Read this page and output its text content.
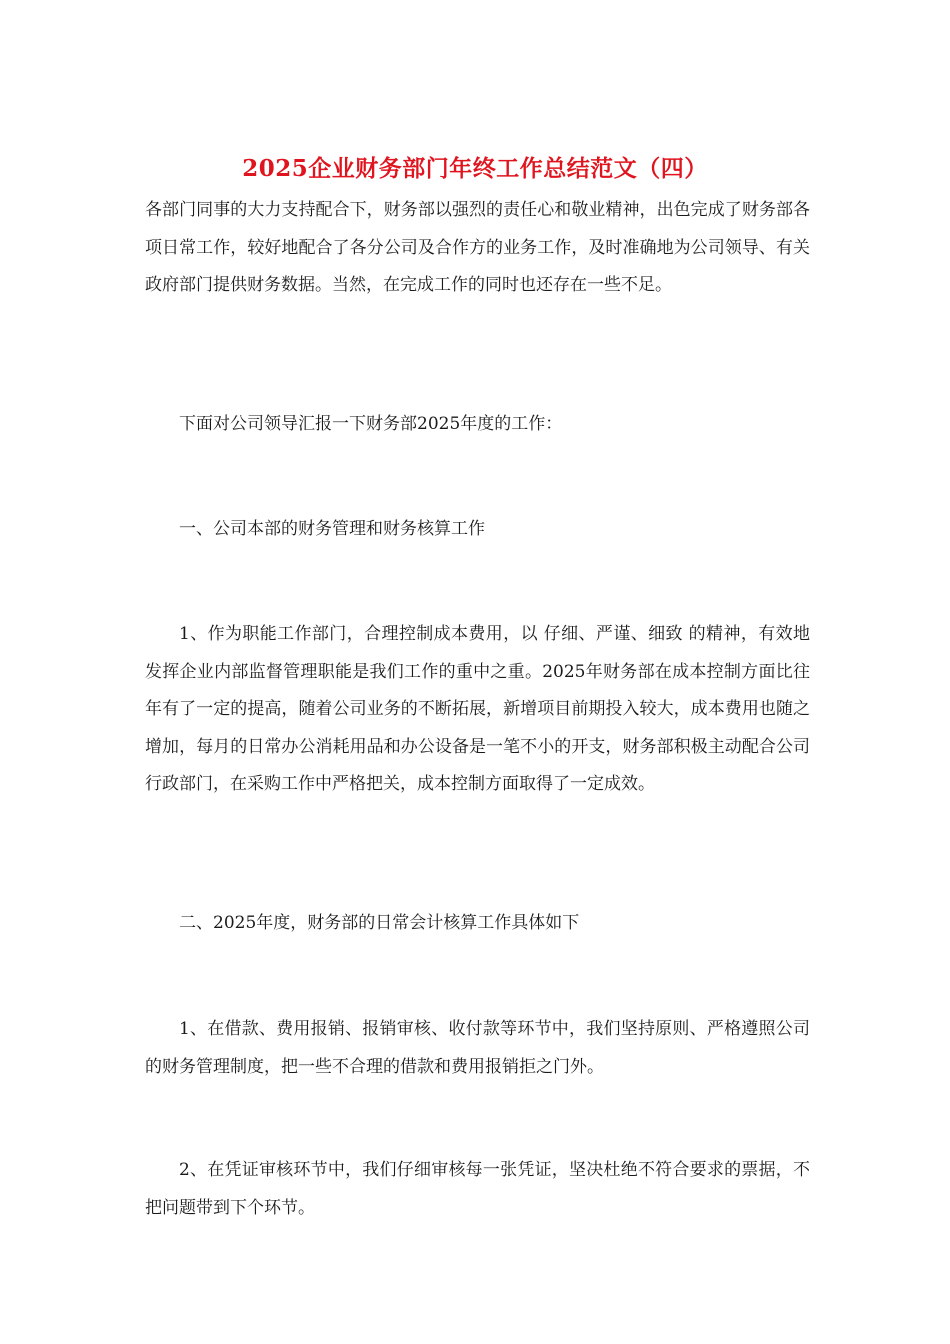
2025企业财务部门年终工作总结范文（四）

各部门同事的大力支持配合下，财务部以强烈的责任心和敬业精神，出色完成了财务部各项日常工作，较好地配合了各分公司及合作方的业务工作，及时准确地为公司领导、有关政府部门提供财务数据。当然，在完成工作的同时也还存在一些不足。

下面对公司领导汇报一下财务部2025年度的工作：

一、公司本部的财务管理和财务核算工作

1、作为职能工作部门，合理控制成本费用，以 仔细、严谨、细致 的精神，有效地发挥企业内部监督管理职能是我们工作的重中之重。2025年财务部在成本控制方面比往年有了一定的提高，随着公司业务的不断拓展，新增项目前期投入较大，成本费用也随之增加，每月的日常办公消耗用品和办公设备是一笔不小的开支，财务部积极主动配合公司行政部门，在采购工作中严格把关，成本控制方面取得了一定成效。

二、2025年度，财务部的日常会计核算工作具体如下

1、在借款、费用报销、报销审核、收付款等环节中，我们坚持原则、严格遵照公司的财务管理制度，把一些不合理的借款和费用报销拒之门外。

2、在凭证审核环节中，我们仔细审核每一张凭证，坚决杜绝不符合要求的票据，不把问题带到下个环节。
